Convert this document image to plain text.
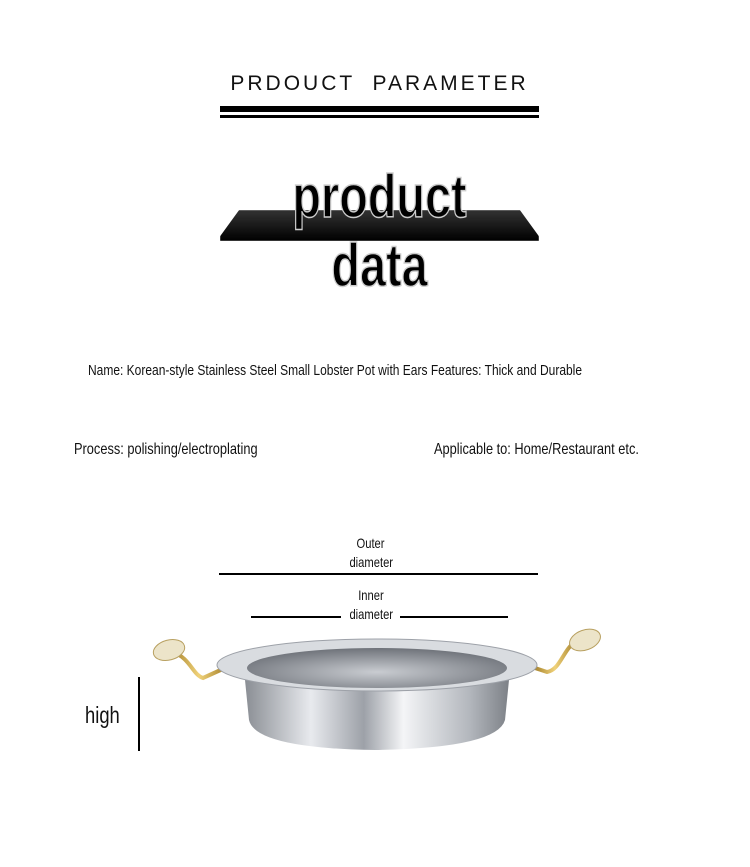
PRDOUCT  PARAMETER
product data
Name: Korean-style Stainless Steel Small Lobster Pot with Ears Features: Thick and Durable
Process: polishing/electroplating	Applicable to: Home/Restaurant etc.
Outer
diameter
Inner
diameter
high
